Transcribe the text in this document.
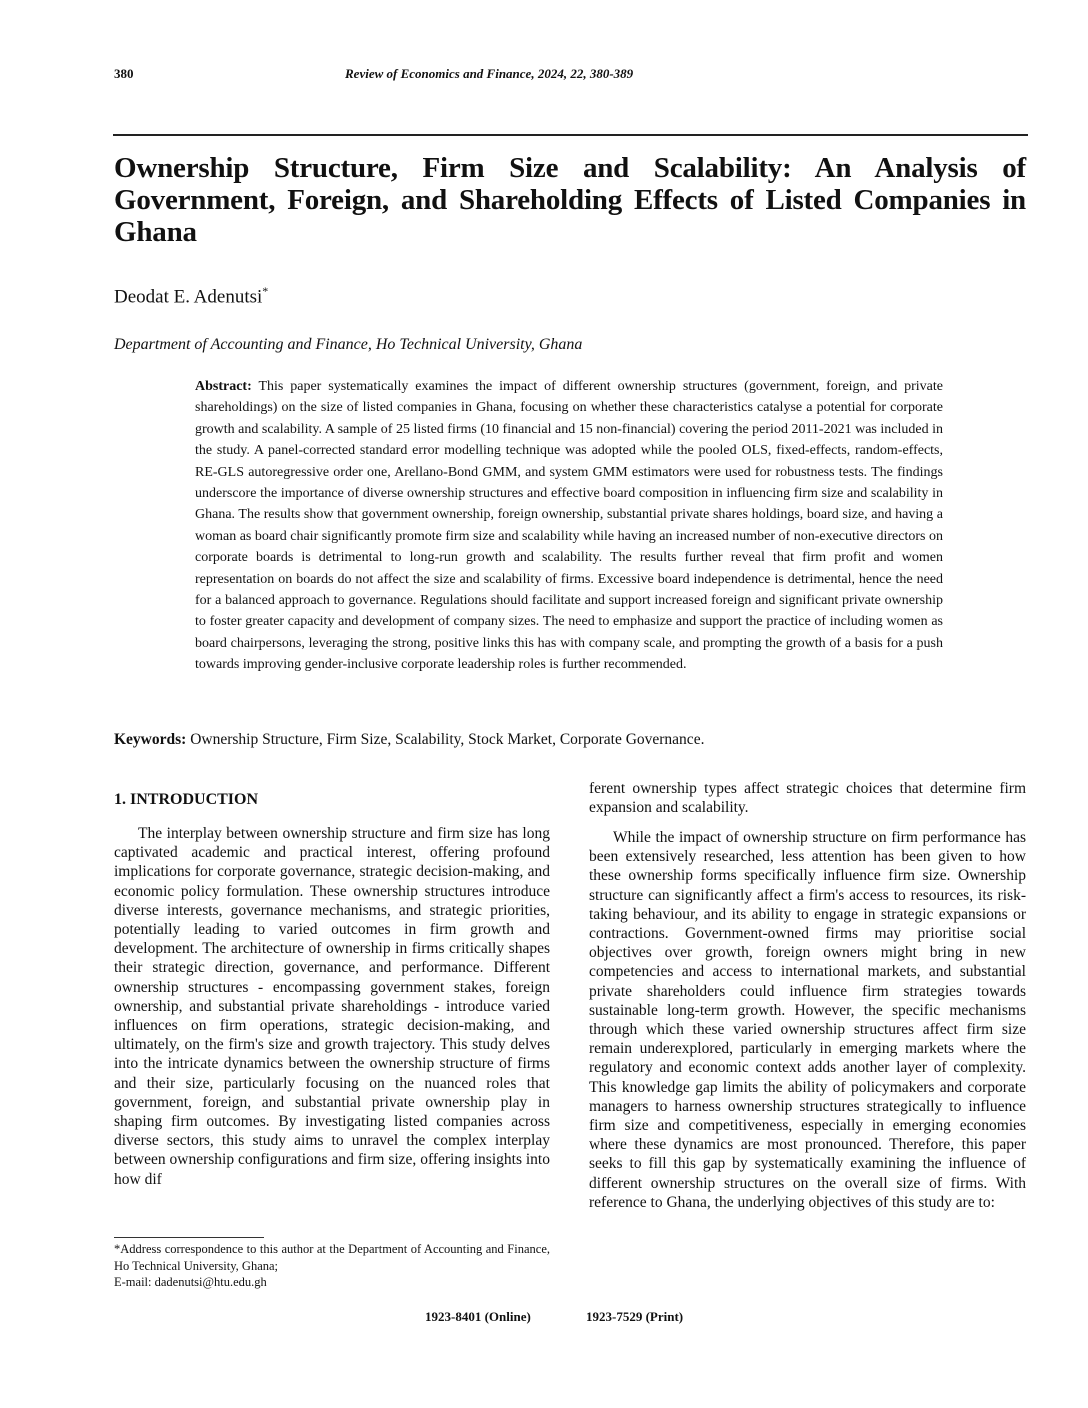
380	Review of Economics and Finance, 2024, 22, 380-389
Ownership Structure, Firm Size and Scalability: An Analysis of Government, Foreign, and Shareholding Effects of Listed Companies in Ghana
Deodat E. Adenutsi*
Department of Accounting and Finance, Ho Technical University, Ghana
Abstract: This paper systematically examines the impact of different ownership structures (government, foreign, and private shareholdings) on the size of listed companies in Ghana, focusing on whether these characteristics catalyse a potential for corporate growth and scalability. A sample of 25 listed firms (10 financial and 15 non-financial) covering the period 2011-2021 was included in the study. A panel-corrected standard error modelling technique was adopted while the pooled OLS, fixed-effects, random-effects, RE-GLS autoregressive order one, Arellano-Bond GMM, and system GMM estimators were used for robustness tests. The findings underscore the importance of diverse ownership structures and effective board composition in influencing firm size and scalability in Ghana. The results show that government ownership, foreign ownership, substantial private shares holdings, board size, and having a woman as board chair significantly promote firm size and scalability while having an increased number of non-executive directors on corporate boards is detrimental to long-run growth and scalability. The results further reveal that firm profit and women representation on boards do not affect the size and scalability of firms. Excessive board independence is detrimental, hence the need for a balanced approach to governance. Regulations should facilitate and support increased foreign and significant private ownership to foster greater capacity and development of company sizes. The need to emphasize and support the practice of including women as board chairpersons, leveraging the strong, positive links this has with company scale, and prompting the growth of a basis for a push towards improving gender-inclusive corporate leadership roles is further recommended.
Keywords: Ownership Structure, Firm Size, Scalability, Stock Market, Corporate Governance.
1. INTRODUCTION

The interplay between ownership structure and firm size has long captivated academic and practical interest, offering profound implications for corporate governance, strategic decision-making, and economic policy formulation. These ownership structures introduce diverse interests, governance mechanisms, and strategic priorities, potentially leading to varied outcomes in firm growth and development. The architecture of ownership in firms critically shapes their strategic direction, governance, and performance. Different ownership structures - encompassing government stakes, foreign ownership, and substantial private shareholdings - introduce varied influences on firm operations, strategic decision-making, and ultimately, on the firm's size and growth trajectory. This study delves into the intricate dynamics between the ownership structure of firms and their size, particularly focusing on the nuanced roles that government, foreign, and substantial private ownership play in shaping firm outcomes. By investigating listed companies across diverse sectors, this study aims to unravel the complex interplay between ownership configurations and firm size, offering insights into how dif

ferent ownership types affect strategic choices that determine firm expansion and scalability.

While the impact of ownership structure on firm performance has been extensively researched, less attention has been given to how these ownership forms specifically influence firm size. Ownership structure can significantly affect a firm's access to resources, its risk-taking behaviour, and its ability to engage in strategic expansions or contractions. Government-owned firms may prioritise social objectives over growth, foreign owners might bring in new competencies and access to international markets, and substantial private shareholders could influence firm strategies towards sustainable long-term growth. However, the specific mechanisms through which these varied ownership structures affect firm size remain underexplored, particularly in emerging markets where the regulatory and economic context adds another layer of complexity. This knowledge gap limits the ability of policymakers and corporate managers to harness ownership structures strategically to influence firm size and competitiveness, especially in emerging economies where these dynamics are most pronounced. Therefore, this paper seeks to fill this gap by systematically examining the influence of different ownership structures on the overall size of firms. With reference to Ghana, the underlying objectives of this study are to:

*Address correspondence to this author at the Department of Accounting and Finance, Ho Technical University, Ghana;
E-mail: dadenutsi@htu.edu.gh
1923-8401 (Online)	1923-7529 (Print)
